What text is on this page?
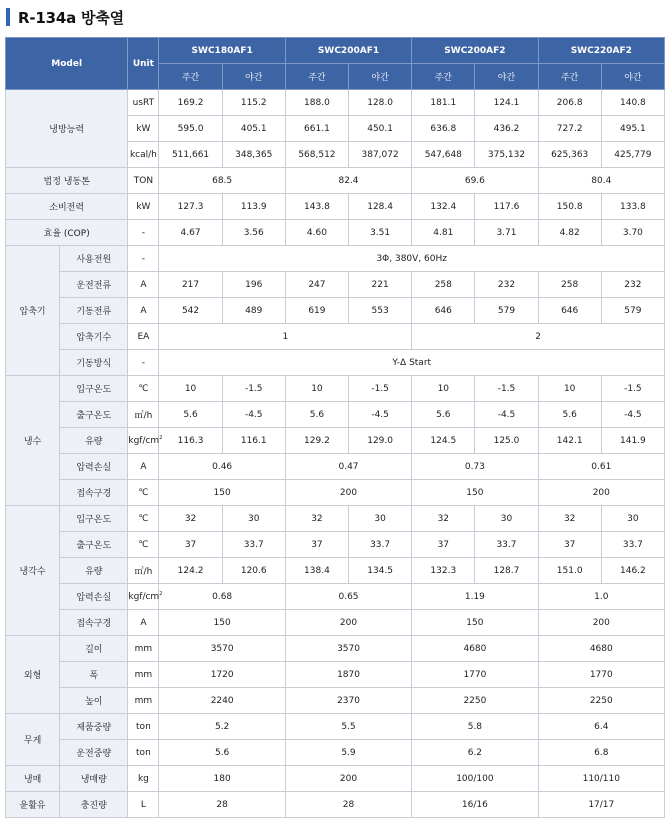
R-134a 방축열
Model		Unit	SWC180AF1		SWC200AF1		SWC200AF2		SWC220AF2	
			주간	야간	주간	야간	주간	야간	주간	야간
냉방능력		usRT	169.2	115.2	188.0	128.0	181.1	124.1	206.8	140.8
		kW	595.0	405.1	661.1	450.1	636.8	436.2	727.2	495.1
		kcal/h	511,661	348,365	568,512	387,072	547,648	375,132	625,363	425,779
법정 냉동톤		TON	68.5		82.4		69.6		80.4	
소비전력		kW	127.3	113.9	143.8	128.4	132.4	117.6	150.8	133.8
효율 (COP)		-	4.67	3.56	4.60	3.51	4.81	3.71	4.82	3.70
압축기	사용전원	-	3Φ, 380V, 60Hz							
	운전전류	A	217	196	247	221	258	232	258	232
	기동전류	A	542	489	619	553	646	579	646	579
	압축기수	EA	1				2			
	기동방식	-	Y-Δ Start							
냉수	입구온도	℃	10	-1.5	10	-1.5	10	-1.5	10	-1.5
	출구온도	㎥/h	5.6	-4.5	5.6	-4.5	5.6	-4.5	5.6	-4.5
	유량	kgf/$cm^2$	116.3	116.1	129.2	129.0	124.5	125.0	142.1	141.9
	압력손실	A	0.46		0.47		0.73		0.61	
	접속구경	℃	150		200		150		200	
냉각수	입구온도	℃	32	30	32	30	32	30	32	30
	출구온도	℃	37	33.7	37	33.7	37	33.7	37	33.7
	유량	㎥/h	124.2	120.6	138.4	134.5	132.3	128.7	151.0	146.2
	압력손실	kgf/$cm^2$	0.68		0.65		1.19		1.0	
	접속구경	A	150		200		150		200	
외형	길이	mm	3570		3570		4680		4680	
	폭	mm	1720		1870		1770		1770	
	높이	mm	2240		2370		2250		2250	
무게	제품중량	ton	5.2		5.5		5.8		6.4	
	운전중량	ton	5.6		5.9		6.2		6.8	
냉매	냉매량	kg	180		200		100/100		110/110	
윤활유	충진량	L	28		28		16/16		17/17	
